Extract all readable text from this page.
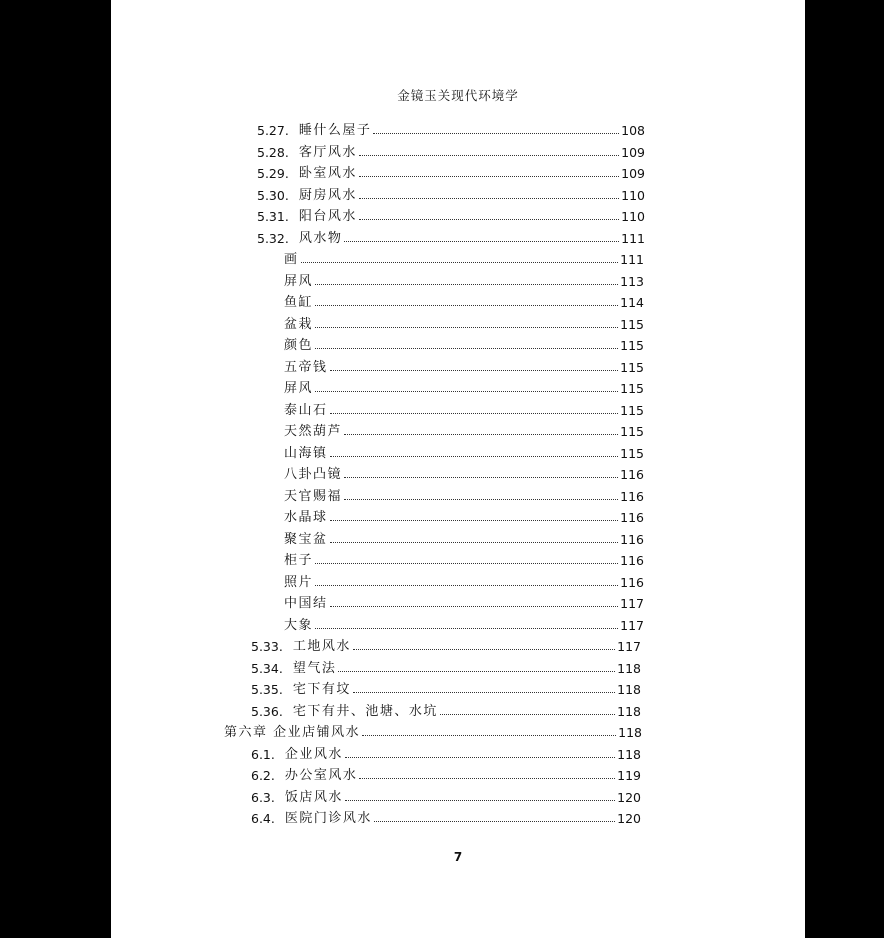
金镜玉关现代环境学
5.27. 睡什么屋子	108
5.28. 客厅风水	109
5.29. 卧室风水	109
5.30. 厨房风水	110
5.31. 阳台风水	110
5.32. 风水物	111
画	111
屏风	113
鱼缸	114
盆栽	115
颜色	115
五帝钱	115
屏风	115
泰山石	115
天然葫芦	115
山海镇	115
八卦凸镜	116
天官赐福	116
水晶球	116
聚宝盆	116
柜子	116
照片	116
中国结	117
大象	117
5.33. 工地风水	117
5.34. 望气法	118
5.35. 宅下有坟	118
5.36. 宅下有井、池塘、水坑	118
第六章 企业店铺风水	118
6.1. 企业风水	118
6.2. 办公室风水	119
6.3. 饭店风水	120
6.4. 医院门诊风水	120
7
